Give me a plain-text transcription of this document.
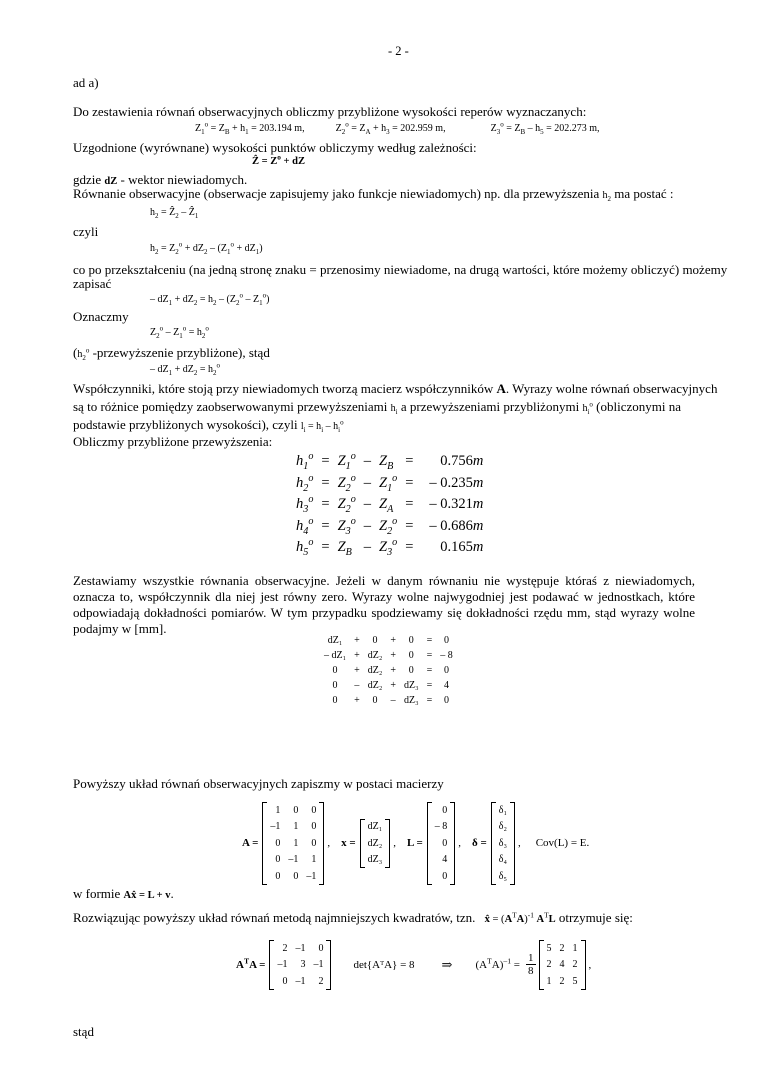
- 2 -
ad a)
Do zestawienia równań obserwacyjnych obliczmy przybliżone wysokości reperów wyznaczanych:
$Z_1^o = Z_B + h_1 = 203.194$ m,	$Z_2^o = Z_A + h_3 = 202.959$ m,	$Z_3^o = Z_B - h_5 = 202.273$ m,
Uzgodnione (wyrównane) wysokości punktów obliczymy według zależności:
Ẑ = $Z^o$ + dZ
gdzie dZ - wektor niewiadomych.
Równanie obserwacyjne (obserwacje zapisujemy jako funkcje niewiadomych) np. dla przewyższenia $h_2$ ma postać :
$h_2$ = Ẑ$_2$ – Ẑ$_1$
czyli
$h_2 = Z_2^o + dZ_2 - (Z_1^o + dZ_1)$
co po przekształceniu (na jedną stronę znaku = przenosimy niewiadome, na drugą wartości, które możemy obliczyć) możemy
zapisać
– $dZ_1 + dZ_2 = h_2 - (Z_2^o - Z_1^o)$
Oznaczmy
$Z_2^o - Z_1^o = h_2^o$
($h_2^o$ -przewyższenie przybliżone), stąd
– $dZ_1 + dZ_2 = h_2^o$
Współczynniki, które stoją przy niewiadomych tworzą macierz współczynników A. Wyrazy wolne równań obserwacyjnych
są to różnice pomiędzy zaobserwowanymi przewyższeniami $h_i$ a przewyższeniami przybliżonymi $h_i^o$ (obliczonymi na
podstawie przybliżonych wysokości), czyli $l_i = h_i - h_i^o$
Obliczmy przybliżone przewyższenia:
$h_1^o$	=	$Z_1^o$	–	$Z_B$	=	0.756m
$h_2^o$	=	$Z_2^o$	–	$Z_1^o$	=	– 0.235m
$h_3^o$	=	$Z_2^o$	–	$Z_A$	=	– 0.321m
$h_4^o$	=	$Z_3^o$	–	$Z_2^o$	=	– 0.686m
$h_5^o$	=	$Z_B$	–	$Z_3^o$	=	0.165m
Zestawiamy wszystkie równania obserwacyjne. Jeżeli w danym równaniu nie występuje któraś z niewiadomych, oznacza to, współczynnik dla niej jest równy zero. Wyrazy wolne najwygodniej jest podawać w jednostkach, które odpowiadają dokładności pomiarów. W tym przypadku spodziewamy się dokładności rzędu mm, stąd wyrazy wolne podajmy w [mm].
dZ₁	+	0	+	0	=	0
– dZ₁	+	dZ₂	+	0	=	– 8
0	+	dZ₂	+	0	=	0
0	–	dZ₂	+	dZ₃	=	4
0	+	0	–	dZ₃	=	0
Powyższy układ równań obserwacyjnych zapiszmy w postaci macierzy
A =
1	0	0
–1	1	0
0	1	0
0	–1	1
0	0	–1
, x =
dZ₁
dZ₂
dZ₃
, L =
0
– 8
0
4
0
, δ =
δ₁
δ₂
δ₃
δ₄
δ₅
, Cov(L) = E.
w formie Ax̂ = L + v.
Rozwiązując powyższy układ równań metodą najmniejszych kwadratów, tzn. x̂ = $(A^TA)^{-1}$ $A^TL$ otrzymuje się:
$A^TA$ =
2	–1	0
–1	3	–1
0	–1	2
det{AᵀA} = 8 ⇒ $(A^TA)^{-1} = \frac{1}{8}$
5	2	1
2	4	2
1	2	5
,
stąd
